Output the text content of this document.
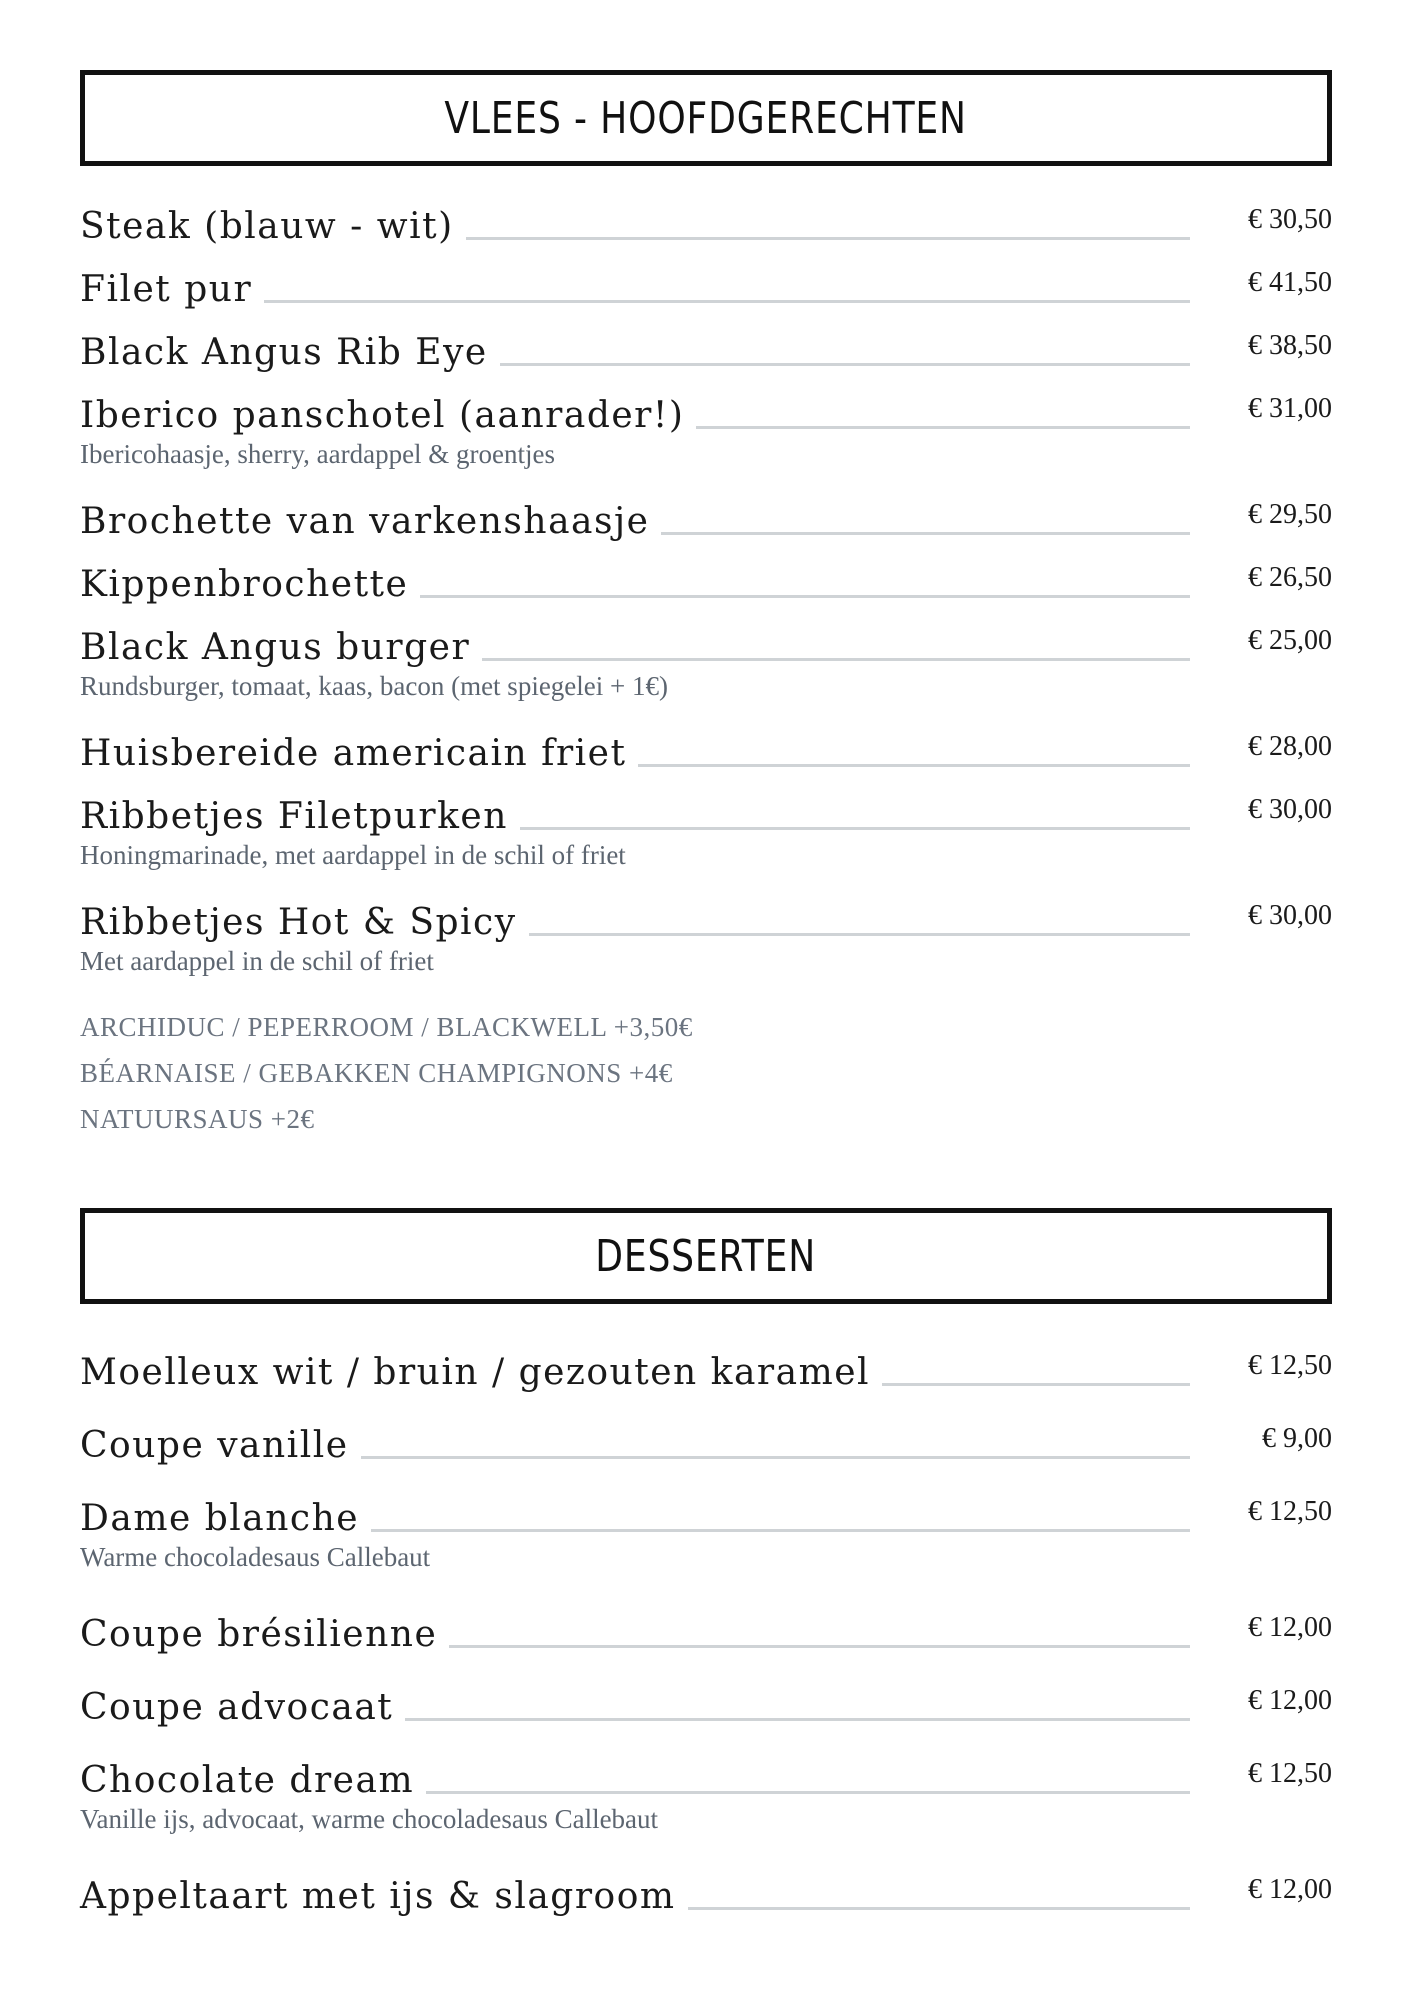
VLEES - HOOFDGERECHTEN
Steak (blauw - wit)	€ 30,50
Filet pur	€ 41,50
Black Angus Rib Eye	€ 38,50
Iberico panschotel (aanrader!)	€ 31,00
Ibericohaasje, sherry, aardappel & groentjes
Brochette van varkenshaasje	€ 29,50
Kippenbrochette	€ 26,50
Black Angus burger	€ 25,00
Rundsburger, tomaat, kaas, bacon (met spiegelei + 1€)
Huisbereide americain friet	€ 28,00
Ribbetjes Filetpurken	€ 30,00
Honingmarinade, met aardappel in de schil of friet
Ribbetjes Hot & Spicy	€ 30,00
Met aardappel in de schil of friet
ARCHIDUC / PEPERROOM / BLACKWELL +3,50€
BÉARNAISE / GEBAKKEN CHAMPIGNONS +4€
NATUURSAUS +2€
DESSERTEN
Moelleux wit / bruin / gezouten karamel	€ 12,50
Coupe vanille	€ 9,00
Dame blanche	€ 12,50
Warme chocoladesaus Callebaut
Coupe brésilienne	€ 12,00
Coupe advocaat	€ 12,00
Chocolate dream	€ 12,50
Vanille ijs, advocaat, warme chocoladesaus Callebaut
Appeltaart met ijs & slagroom	€ 12,00
